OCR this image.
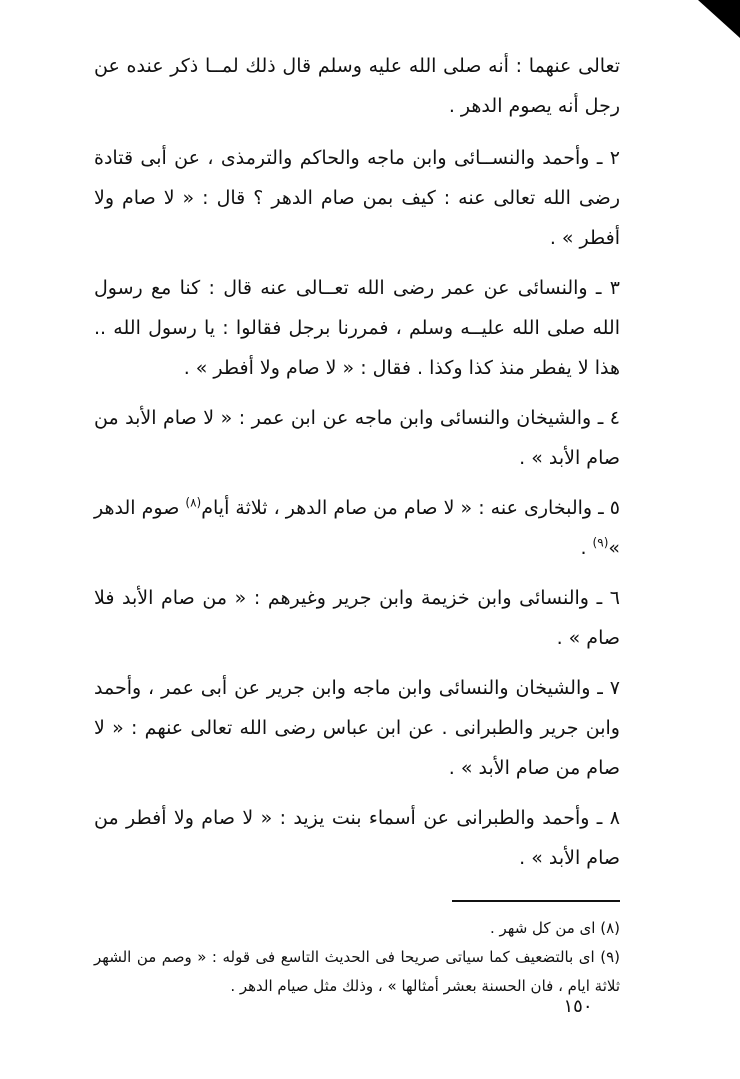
تعالى عنهما : أنه صلى الله عليه وسلم قال ذلك لمــا ذكر عنده عن رجل أنه يصوم الدهر .

٢ ـ وأحمد والنســائى وابن ماجه والحاكم والترمذى ، عن أبى قتادة رضى الله تعالى عنه : كيف بمن صام الدهر ؟ قال : « لا صام ولا أفطر » .

٣ ـ والنسائى عن عمر رضى الله تعــالى عنه قال : كنا مع رسول الله صلى الله عليــه وسلم ، فمررنا برجل فقالوا : يا رسول الله .. هذا لا يفطر منذ كذا وكذا . فقال : « لا صام ولا أفطر » .

٤ ـ والشيخان والنسائى وابن ماجه عن ابن عمر : « لا صام الأبد من صام الأبد » .

٥ ـ والبخارى عنه : « لا صام من صام الدهر ، ثلاثة أيام$^{(٨)}$ صوم الدهر »$^{(٩)}$ .

٦ ـ والنسائى وابن خزيمة وابن جرير وغيرهم : « من صام الأبد فلا صام » .

٧ ـ والشيخان والنسائى وابن ماجه وابن جرير عن أبى عمر ، وأحمد وابن جرير والطبرانى . عن ابن عباس رضى الله تعالى عنهم : « لا صام من صام الأبد » .

٨ ـ وأحمد والطبرانى عن أسماء بنت يزيد : « لا صام ولا أفطر من صام الأبد » .

(٨) اى من كل شهر .

(٩) اى بالتضعيف كما سياتى صريحا فى الحديث التاسع فى قوله : « وصم من الشهر ثلاثة ايام ، فان الحسنة بعشر أمثالها » ، وذلك مثل صيام الدهر .

١٥٠
